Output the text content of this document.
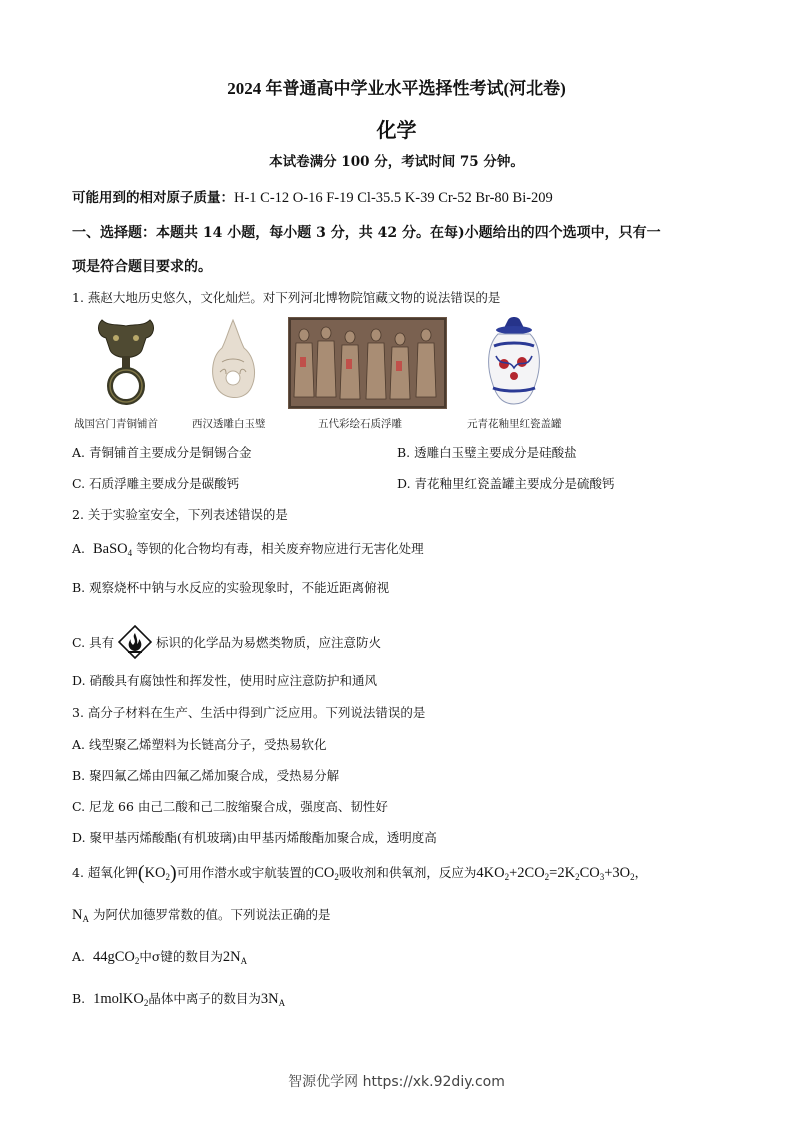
2024 年普通高中学业水平选择性考试(河北卷)
化学
本试卷满分 100 分，考试时间 75 分钟。
可能用到的相对原子质量：H-1 C-12 O-16 F-19 Cl-35.5 K-39 Cr-52 Br-80 Bi-209
一、选择题：本题共 14 小题，每小题 3 分，共 42 分。在每)小题给出的四个选项中，只有一
项是符合题目要求的。
1. 燕赵大地历史悠久，文化灿烂。对下列河北博物院馆藏文物的说法错误的是
战国宫门青铜铺首	西汉透雕白玉璧	五代彩绘石质浮雕	元青花釉里红瓷盖罐
A. 青铜铺首主要成分是铜锡合金	B. 透雕白玉璧主要成分是硅酸盐
C. 石质浮雕主要成分是碳酸钙	D. 青花釉里红瓷盖罐主要成分是硫酸钙
2. 关于实验室安全，下列表述错误的是
A. BaSO$_4$ 等钡的化合物均有毒，相关废弃物应进行无害化处理
B. 观察烧杯中钠与水反应的实验现象时，不能近距离俯视
C. 具有	标识的化学品为易燃类物质，应注意防火
D. 硝酸具有腐蚀性和挥发性，使用时应注意防护和通风
3. 高分子材料在生产、生活中得到广泛应用。下列说法错误的是
A. 线型聚乙烯塑料为长链高分子，受热易软化
B. 聚四氟乙烯由四氟乙烯加聚合成，受热易分解
C. 尼龙 66 由己二酸和己二胺缩聚合成，强度高、韧性好
D. 聚甲基丙烯酸酯(有机玻璃)由甲基丙烯酸酯加聚合成，透明度高
4. 超氧化钾$(KO_2)$可用作潜水或宇航装置的$CO_2$吸收剂和供氧剂，反应为$4KO_2+2CO_2=2K_2CO_3+3O_2$，
$N_A$ 为阿伏加德罗常数的值。下列说法正确的是
A. 44gCO$_2$中σ键的数目为$2N_A$
B. 1molKO$_2$晶体中离子的数目为$3N_A$
智源优学网 https://xk.92diy.com
